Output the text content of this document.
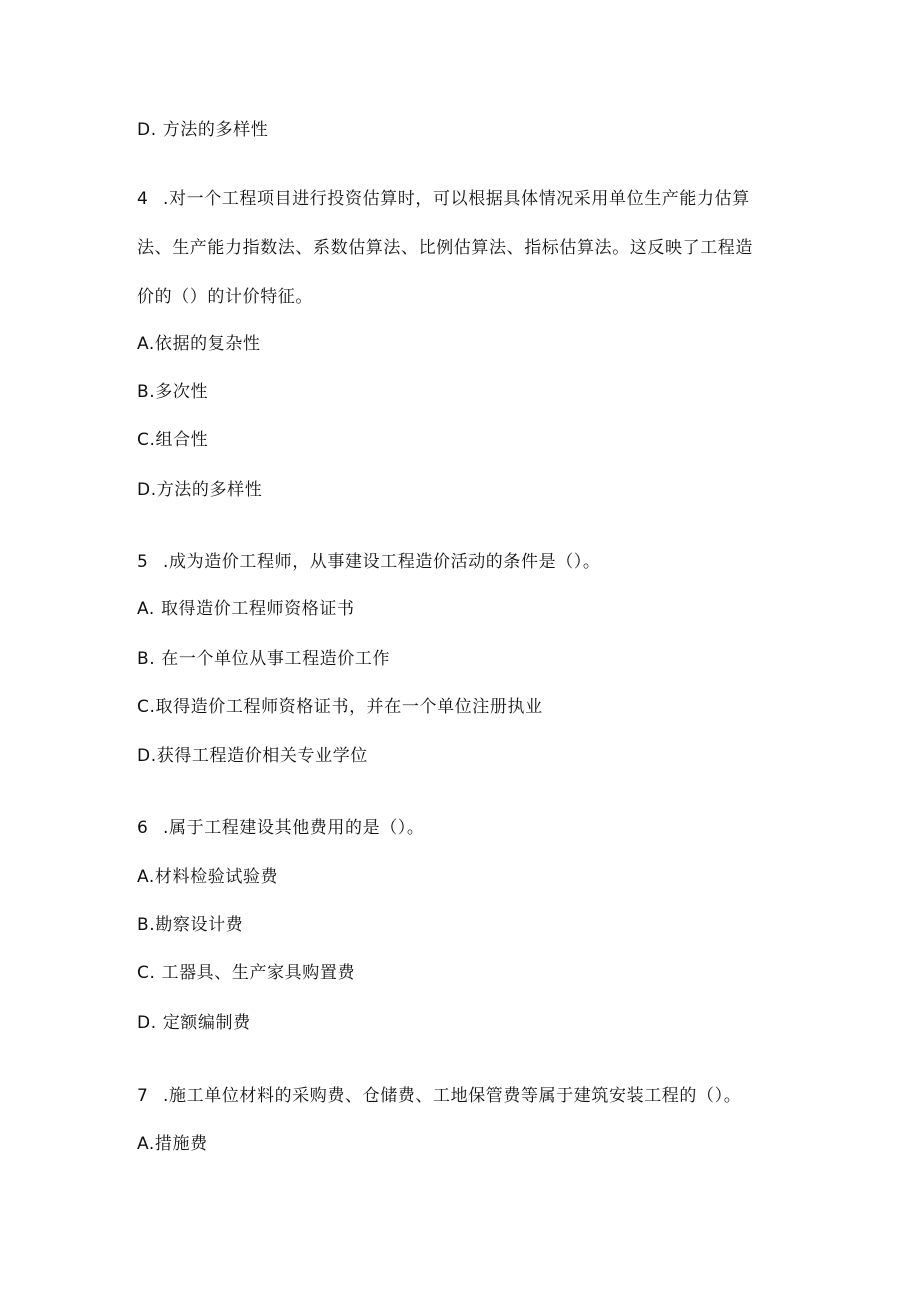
D. 方法的多样性
4 .对一个工程项目进行投资估算时，可以根据具体情况采用单位生产能力估算
法、生产能力指数法、系数估算法、比例估算法、指标估算法。这反映了工程造
价的（）的计价特征。
A.依据的复杂性
B.多次性
C.组合性
D.方法的多样性
5 .成为造价工程师，从事建设工程造价活动的条件是（）。
A. 取得造价工程师资格证书
B. 在一个单位从事工程造价工作
C.取得造价工程师资格证书，并在一个单位注册执业
D.获得工程造价相关专业学位
6 .属于工程建设其他费用的是（）。
A.材料检验试验费
B.勘察设计费
C. 工器具、生产家具购置费
D. 定额编制费
7 .施工单位材料的采购费、仓储费、工地保管费等属于建筑安装工程的（）。
A.措施费
